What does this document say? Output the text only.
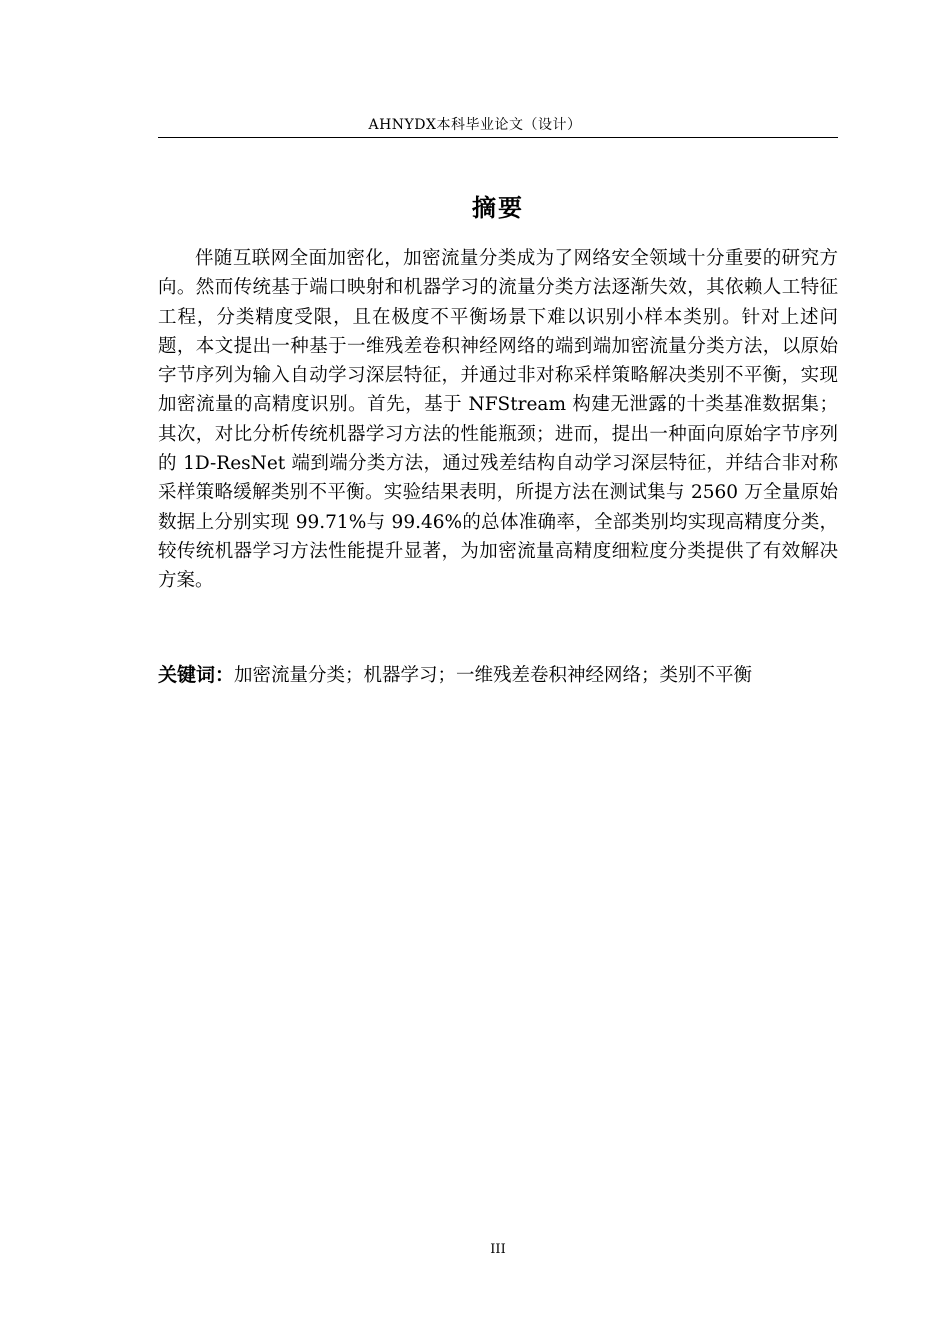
AHNYDX本科毕业论文（设计）
摘要

伴随互联网全面加密化，加密流量分类成为了网络安全领域十分重要的研究方向。然而传统基于端口映射和机器学习的流量分类方法逐渐失效，其依赖人工特征工程，分类精度受限，且在极度不平衡场景下难以识别小样本类别。针对上述问题，本文提出一种基于一维残差卷积神经网络的端到端加密流量分类方法，以原始字节序列为输入自动学习深层特征，并通过非对称采样策略解决类别不平衡，实现加密流量的高精度识别。首先，基于 NFStream 构建无泄露的十类基准数据集；其次，对比分析传统机器学习方法的性能瓶颈；进而，提出一种面向原始字节序列的 1D-ResNet 端到端分类方法，通过残差结构自动学习深层特征，并结合非对称采样策略缓解类别不平衡。实验结果表明，所提方法在测试集与 2560 万全量原始数据上分别实现 99.71%与 99.46%的总体准确率，全部类别均实现高精度分类，较传统机器学习方法性能提升显著，为加密流量高精度细粒度分类提供了有效解决方案。

关键词：加密流量分类；机器学习；一维残差卷积神经网络；类别不平衡
III
